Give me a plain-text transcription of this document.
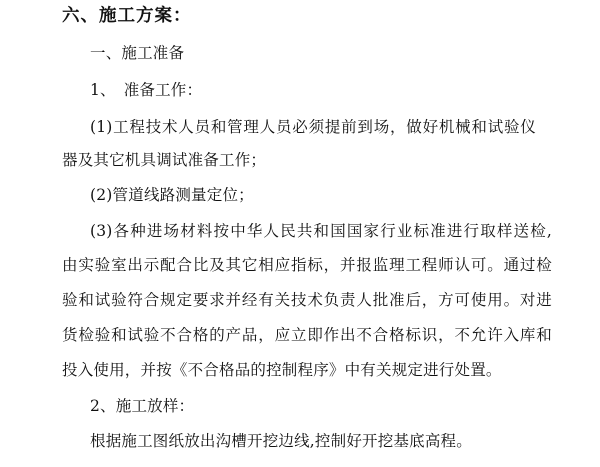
六、施工方案：
一、施工准备
1、　准备工作：
(1)工程技术人员和管理人员必须提前到场，做好机械和试验仪
器及其它机具调试准备工作；
(2)管道线路测量定位；
(3)各种进场材料按中华人民共和国国家行业标准进行取样送检,
由实验室出示配合比及其它相应指标，并报监理工程师认可。通过检
验和试验符合规定要求并经有关技术负责人批准后，方可使用。对进
货检验和试验不合格的产品，应立即作出不合格标识，不允许入库和
投入使用，并按《不合格品的控制程序》中有关规定进行处置。
2、施工放样：
根据施工图纸放出沟槽开挖边线,控制好开挖基底高程。
